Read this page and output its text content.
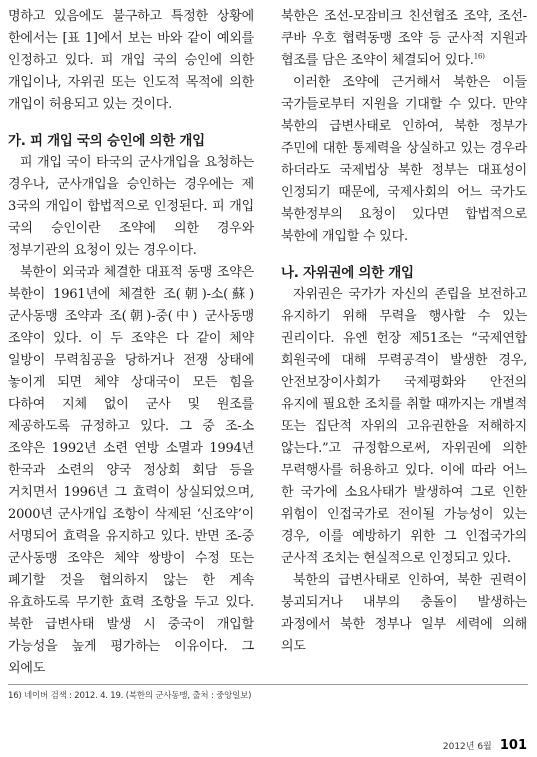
명하고 있음에도 불구하고 특정한 상황에 한에서는 [표 1]에서 보는 바와 같이 예외를 인정하고 있다. 피 개입 국의 승인에 의한 개입이나, 자위권 또는 인도적 목적에 의한 개입이 허용되고 있는 것이다.

가. 피 개입 국의 승인에 의한 개입

피 개입 국이 타국의 군사개입을 요청하는 경우나, 군사개입을 승인하는 경우에는 제 3국의 개입이 합법적으로 인정된다. 피 개입 국의 승인이란 조약에 의한 경우와 정부기관의 요청이 있는 경우이다.

북한이 외국과 체결한 대표적 동맹 조약은 북한이 1961년에 체결한 조(朝)-소(蘇) 군사동맹 조약과 조(朝)-중(中) 군사동맹 조약이 있다. 이 두 조약은 다 같이 체약 일방이 무력침공을 당하거나 전쟁 상태에 놓이게 되면 체약 상대국이 모든 힘을 다하여 지체 없이 군사 및 원조를 제공하도록 규정하고 있다. 그 중 조-소 조약은 1992년 소련 연방 소멸과 1994년 한국과 소련의 양국 정상회 회담 등을 거치면서 1996년 그 효력이 상실되었으며, 2000년 군사개입 조항이 삭제된 ‘신조약’이 서명되어 효력을 유지하고 있다. 반면 조-중 군사동맹 조약은 체약 쌍방이 수정 또는 폐기할 것을 협의하지 않는 한 계속 유효하도록 무기한 효력 조항을 두고 있다. 북한 급변사태 발생 시 중국이 개입할 가능성을 높게 평가하는 이유이다. 그 외에도

북한은 조선-모잠비크 친선협조 조약, 조선-쿠바 우호 협력동맹 조약 등 군사적 지원과 협조를 담은 조약이 체결되어 있다.$^{16)}$

이러한 조약에 근거해서 북한은 이들 국가들로부터 지원을 기대할 수 있다. 만약 북한의 급변사태로 인하여, 북한 정부가 주민에 대한 통제력을 상실하고 있는 경우라 하더라도 국제법상 북한 정부는 대표성이 인정되기 때문에, 국제사회의 어느 국가도 북한정부의 요청이 있다면 합법적으로 북한에 개입할 수 있다.

나. 자위권에 의한 개입

자위권은 국가가 자신의 존립을 보전하고 유지하기 위해 무력을 행사할 수 있는 권리이다. 유엔 헌장 제51조는 “국제연합 회원국에 대해 무력공격이 발생한 경우, 안전보장이사회가 국제평화와 안전의 유지에 필요한 조치를 취할 때까지는 개별적 또는 집단적 자위의 고유권한을 저해하지 않는다.”고 규정함으로써, 자위권에 의한 무력행사를 허용하고 있다. 이에 따라 어느 한 국가에 소요사태가 발생하여 그로 인한 위험이 인접국가로 전이될 가능성이 있는 경우, 이를 예방하기 위한 그 인접국가의 군사적 조치는 현실적으로 인정되고 있다.

북한의 급변사태로 인하여, 북한 권력이 붕괴되거나 내부의 충돌이 발생하는 과정에서 북한 정부나 일부 세력에 의해 의도

16) 네이버 검색 : 2012. 4. 19. (북한의 군사동맹, 출처 : 중앙일보)
2012년 6월 101
